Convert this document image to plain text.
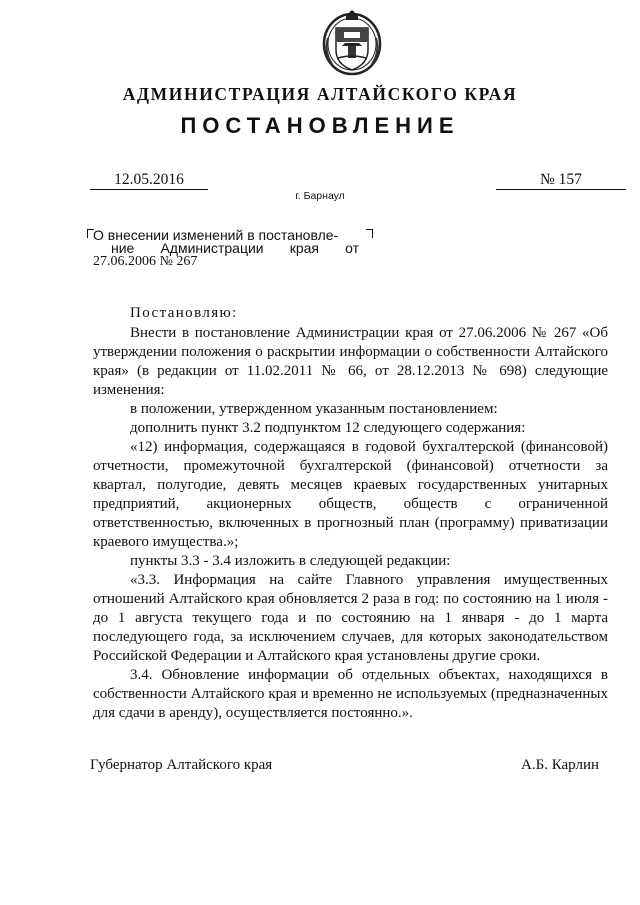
АДМИНИСТРАЦИЯ АЛТАЙСКОГО КРАЯ
ПОСТАНОВЛЕНИЕ
12.05.2016	№ 157
г. Барнаул
О внесении изменений в постановле-
ние Администрации края от
27.06.2006 № 267
Постановляю:

Внести в постановление Администрации края от 27.06.2006 № 267 «Об утверждении положения о раскрытии информации о собственности Алтайского края» (в редакции от 11.02.2011 № 66, от 28.12.2013 № 698) следующие изменения:

в положении, утвержденном указанным постановлением:

дополнить пункт 3.2 подпунктом 12 следующего содержания:

«12) информация, содержащаяся в годовой бухгалтерской (финансовой) отчетности, промежуточной бухгалтерской (финансовой) отчетности за квартал, полугодие, девять месяцев краевых государственных унитарных предприятий, акционерных обществ, обществ с ограниченной ответственностью, включенных в прогнозный план (программу) приватизации краевого имущества.»;

пункты 3.3 - 3.4 изложить в следующей редакции:

«3.3. Информация на сайте Главного управления имущественных отношений Алтайского края обновляется 2 раза в год: по состоянию на 1 июля - до 1 августа текущего года и по состоянию на 1 января - до 1 марта последующего года, за исключением случаев, для которых законодательством Российской Федерации и Алтайского края установлены другие сроки.

3.4. Обновление информации об отдельных объектах, находящихся в собственности Алтайского края и временно не используемых (предназначенных для сдачи в аренду), осуществляется постоянно.».

Губернатор Алтайского края	А.Б. Карлин
